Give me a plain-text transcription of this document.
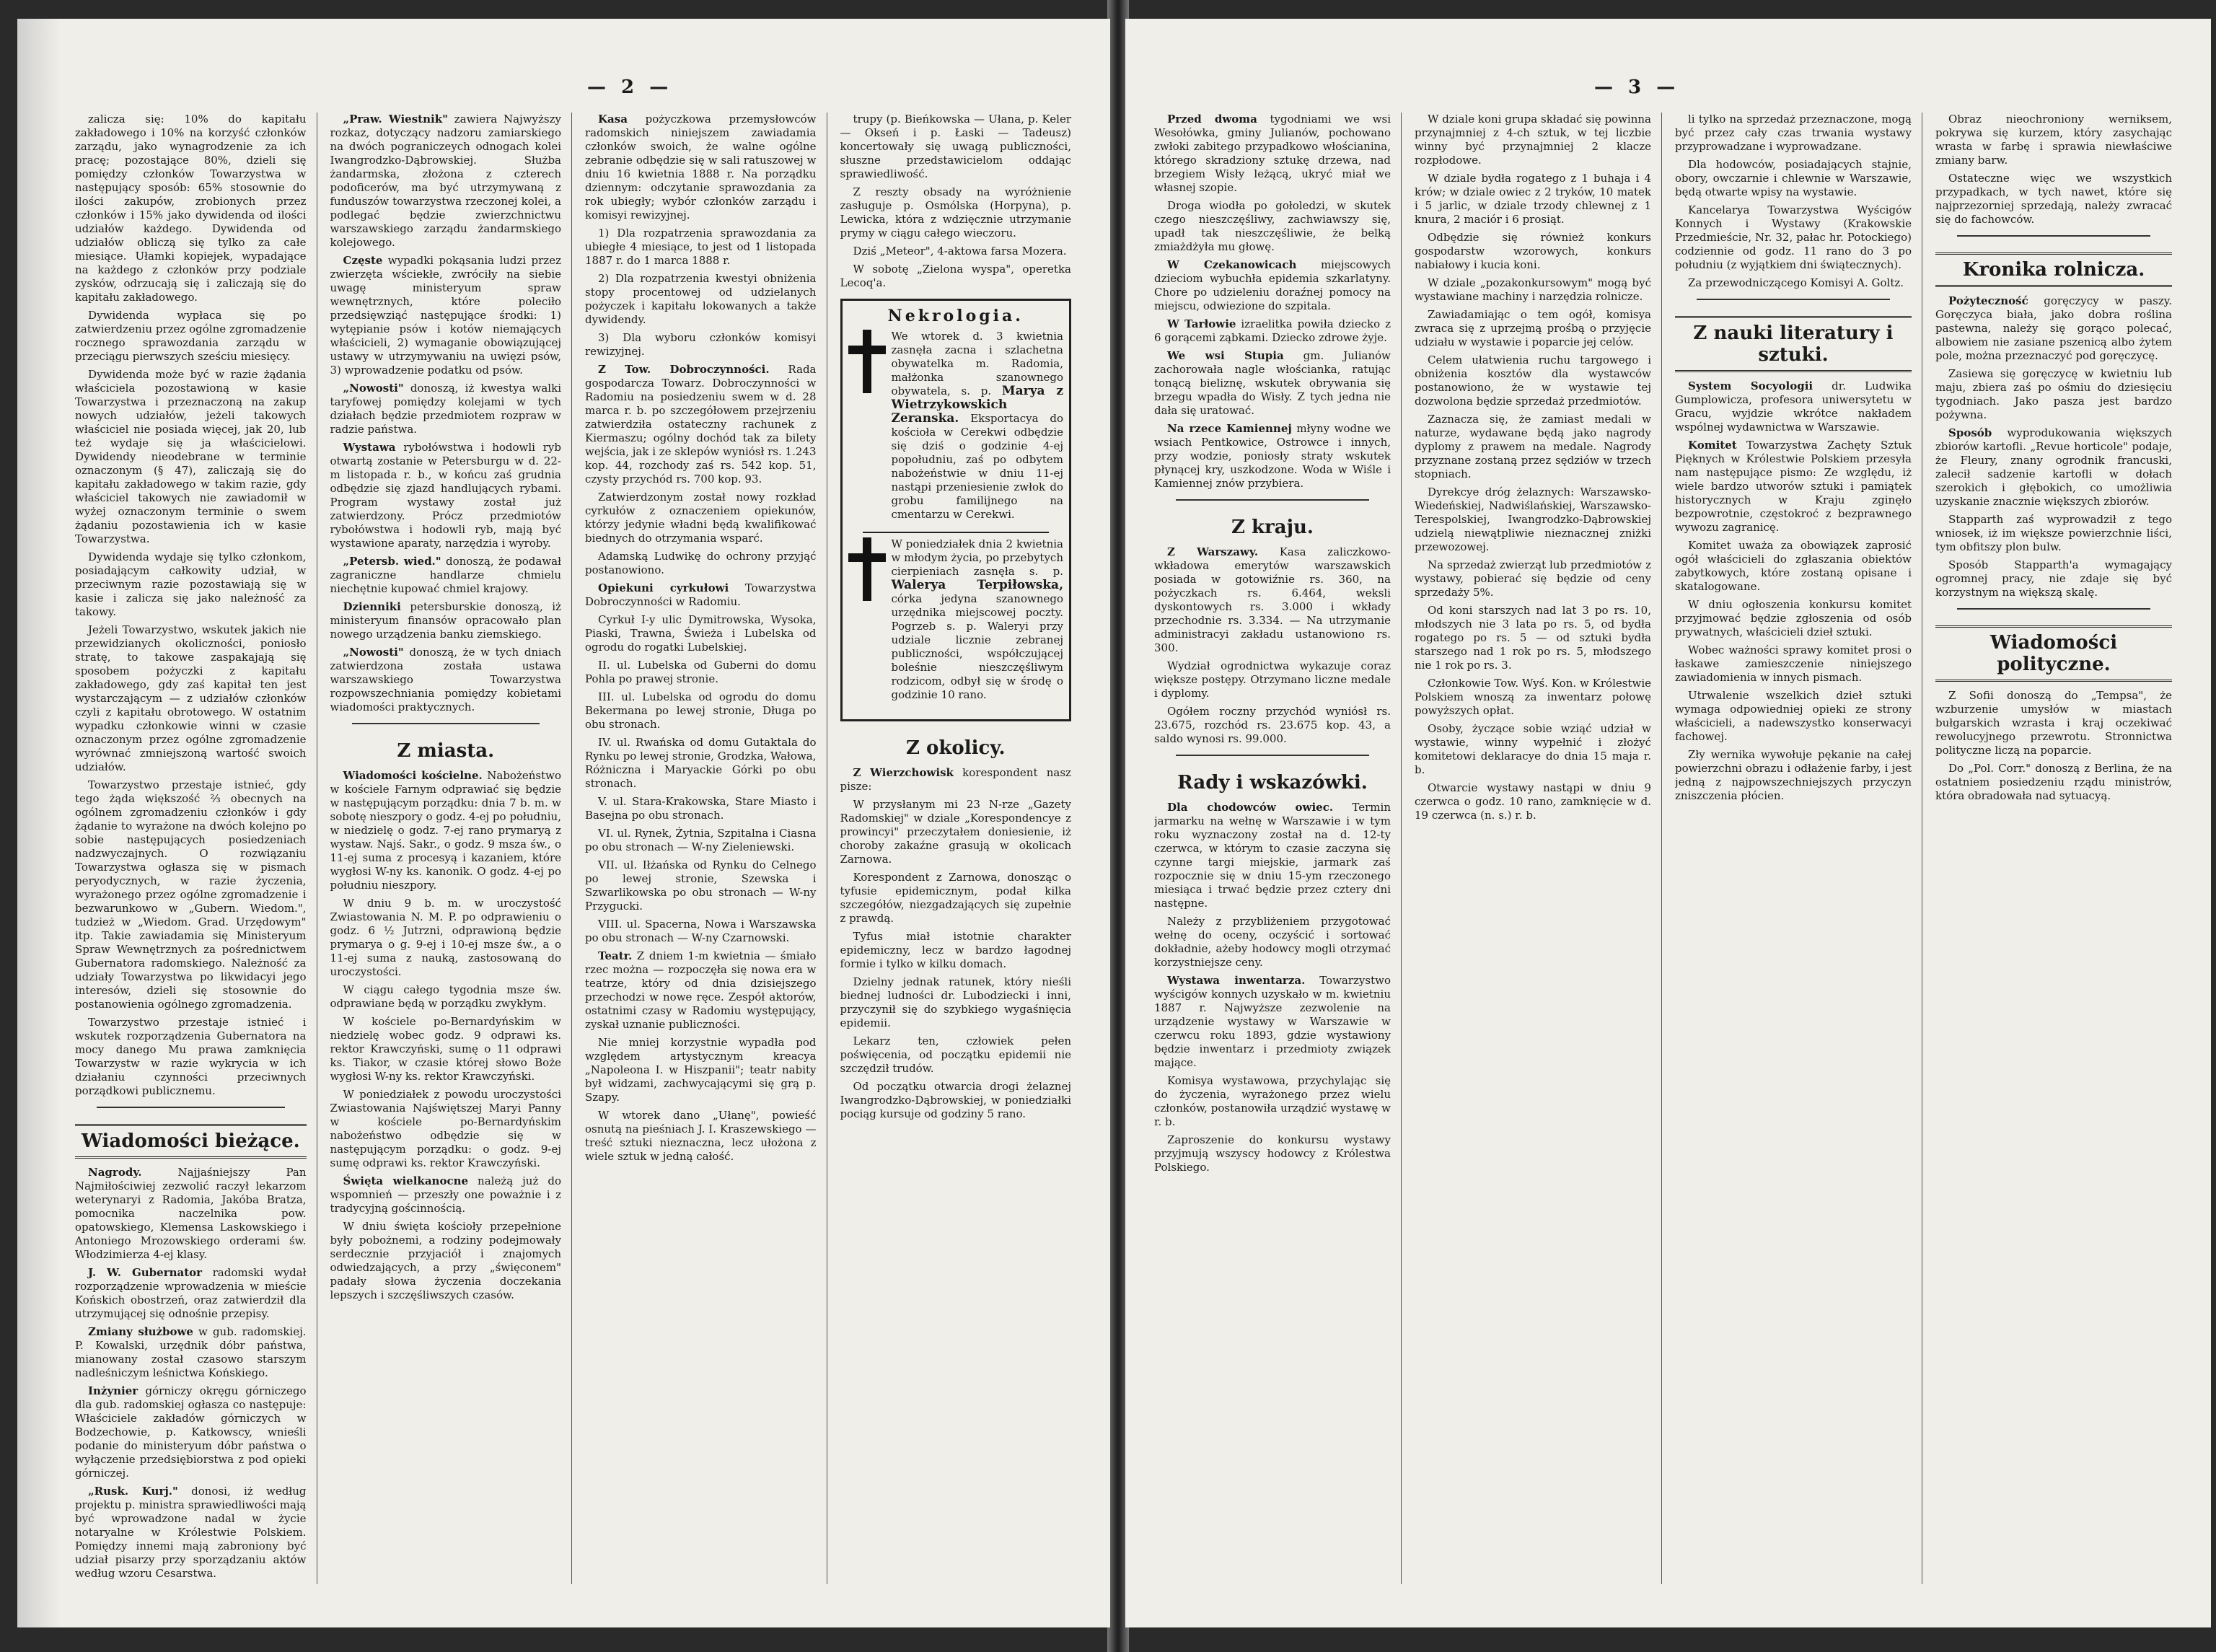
— 2 —

zalicza się: 10% do kapitału zakładowego i 10% na korzyść członków zarządu, jako wynagrodzenie za ich pracę; pozostające 80%, dzieli się pomiędzy członków Towarzystwa w następujący sposób: 65% stosownie do ilości zakupów, zrobionych przez członków i 15% jako dywidenda od ilości udziałów każdego. Dywidenda od udziałów obliczą się tylko za całe miesiące. Ułamki kopiejek, wypadające na każdego z członków przy podziale zysków, odrzucają się i zaliczają się do kapitału zakładowego.

Dywidenda wypłaca się po zatwierdzeniu przez ogólne zgromadzenie rocznego sprawozdania zarządu w przeciągu pierwszych sześciu miesięcy.

Dywidenda może być w razie żądania właściciela pozostawioną w kasie Towarzystwa i przeznaczoną na zakup nowych udziałów, jeżeli takowych właściciel nie posiada więcej, jak 20, lub też wydaje się ja właścicielowi. Dywidendy nieodebrane w terminie oznaczonym (§ 47), zaliczają się do kapitału zakładowego w takim razie, gdy właściciel takowych nie zawiadomił w wyżej oznaczonym terminie o swem żądaniu pozostawienia ich w kasie Towarzystwa.

Dywidenda wydaje się tylko członkom, posiadającym całkowity udział, w przeciwnym razie pozostawiają się w kasie i zalicza się jako należność za takowy.

Jeżeli Towarzystwo, wskutek jakich nie przewidzianych okoliczności, poniosło stratę, to takowe zaspakajają się sposobem pożyczki z kapitału zakładowego, gdy zaś kapitał ten jest wystarczającym — z udziałów członków czyli z kapitału obrotowego. W ostatnim wypadku członkowie winni w czasie oznaczonym przez ogólne zgromadzenie wyrównać zmniejszoną wartość swoich udziałów.

Towarzystwo przestaje istnieć, gdy tego żąda większość ⅔ obecnych na ogólnem zgromadzeniu członków i gdy żądanie to wyrażone na dwóch kolejno po sobie następujących posiedzeniach nadzwyczajnych. O rozwiązaniu Towarzystwa ogłasza się w pismach peryodycznych, w razie życzenia, wyrażonego przez ogólne zgromadzenie i bezwarunkowo w „Gubern. Wiedom.", tudzież w „Wiedom. Grad. Urzędowym" itp. Takie zawiadamia się Ministeryum Spraw Wewnętrznych za pośrednictwem Gubernatora radomskiego. Należność za udziały Towarzystwa po likwidacyi jego interesów, dzieli się stosownie do postanowienia ogólnego zgromadzenia.

Towarzystwo przestaje istnieć i wskutek rozporządzenia Gubernatora na mocy danego Mu prawa zamknięcia Towarzystw w razie wykrycia w ich działaniu czynności przeciwnych porządkowi publicznemu.

Wiadomości bieżące.

Nagrody.	Najjaśniejszy Pan Najmiłościwiej zezwolić raczył lekarzom weterynaryi z Radomia, Jakóba Bratza, pomocnika naczelnika pow. opatowskiego, Klemensa Laskowskiego i Antoniego Mrozowskiego orderami św. Włodzimierza 4-ej klasy.

J. W. Gubernator radomski wydał rozporządzenie wprowadzenia w mieście Końskich obostrzeń, oraz zatwierdził dla utrzymującej się odnośnie przepisy.

Zmiany służbowe w gub. radomskiej. P. Kowalski, urzędnik dóbr państwa, mianowany został czasowo starszym nadleśniczym leśnictwa Końskiego.

Inżynier górniczy okręgu górniczego dla gub. radomskiej ogłasza co następuje: Właściciele zakładów górniczych w Bodzechowie, p. Katkowscy, wnieśli podanie do ministeryum dóbr państwa o wyłączenie przedsiębiorstwa z pod opieki górniczej.

„Rusk. Kurj." donosi, iż według projektu p. ministra sprawiedliwości mają być wprowadzone nadal w życie notaryalne w Królestwie Polskiem. Pomiędzy innemi mają zabroniony być udział pisarzy przy sporządzaniu aktów według wzoru Cesarstwa.

„Praw. Wiestnik" zawiera Najwyższy rozkaz, dotyczący nadzoru zamiarskiego na dwóch pograniczeych odnogach kolei Iwangrodzko-Dąbrowskiej. Służba żandarmska, złożona z czterech podoficerów, ma być utrzymywaną z funduszów towarzystwa rzeczonej kolei, a podlegać będzie zwierzchnictwu warszawskiego zarządu żandarmskiego kolejowego.

Częste wypadki pokąsania ludzi przez zwierzęta wściekłe, zwróciły na siebie uwagę ministeryum spraw wewnętrznych, które poleciło przedsięwziąć następujące środki: 1) wytępianie psów i kotów niemających właścicieli, 2) wymaganie obowiązującej ustawy w utrzymywaniu na uwięzi psów, 3) wprowadzenie podatku od psów.

„Nowosti" donoszą, iż kwestya walki taryfowej pomiędzy kolejami w tych działach będzie przedmiotem rozpraw w radzie państwa.

Wystawa rybołówstwa i hodowli ryb otwartą zostanie w Petersburgu w d. 22-m listopada r. b., w końcu zaś grudnia odbędzie się zjazd handlujących rybami. Program wystawy został już zatwierdzony. Prócz przedmiotów rybołówstwa i hodowli ryb, mają być wystawione aparaty, narzędzia i wyroby.

„Petersb. wied." donoszą, że podawał zagraniczne handlarze chmielu niechętnie kupować chmiel krajowy.

Dzienniki petersburskie donoszą, iż ministeryum finansów opracowało plan nowego urządzenia banku ziemskiego.

„Nowosti" donoszą, że w tych dniach zatwierdzona została ustawa warszawskiego Towarzystwa rozpowszechniania pomiędzy kobietami wiadomości praktycznych.

Z miasta.

Wiadomości kościelne. Nabożeństwo w kościele Farnym odprawiać się będzie w następującym porządku: dnia 7 b. m. w sobotę nieszpory o godz. 4-ej po południu, w niedzielę o godz. 7-ej rano prymaryą z wystaw. Najś. Sakr., o godz. 9 msza św., o 11-ej suma z procesyą i kazaniem, które wygłosi W-ny ks. kanonik. O godz. 4-ej po południu nieszpory.

W dniu 9 b. m. w uroczystość Zwiastowania N. M. P. po odprawieniu o godz. 6 ½ Jutrzni, odprawioną będzie prymarya o g. 9-ej i 10-ej msze św., a o 11-ej suma z nauką, zastosowaną do uroczystości.

W ciągu całego tygodnia msze św. odprawiane będą w porządku zwykłym.

W kościele po-Bernardyńskim w niedzielę wobec godz. 9 odprawi ks. rektor Krawczyński, sumę o 11 odprawi ks. Tiakor, w czasie której słowo Boże wygłosi W-ny ks. rektor Krawczyński.

W poniedziałek z powodu uroczystości Zwiastowania Najświętszej Maryi Panny w kościele po-Bernardyńskim nabożeństwo odbędzie się w następującym porządku: o godz. 9-ej sumę odprawi ks. rektor Krawczyński.

Święta wielkanocne należą już do wspomnień — przeszły one poważnie i z tradycyjną gościnnością.

W dniu święta kościoły przepełnione były pobożnemi, a rodziny podejmowały serdecznie przyjaciół i znajomych odwiedzających, a przy „święconem" padały słowa życzenia doczekania lepszych i szczęśliwszych czasów.

Kasa pożyczkowa przemysłowców radomskich niniejszem zawiadamia członków swoich, że walne ogólne zebranie odbędzie się w sali ratuszowej w dniu 16 kwietnia 1888 r. Na porządku dziennym: odczytanie sprawozdania za rok ubiegły; wybór członków zarządu i komisyi rewizyjnej.

1) Dla rozpatrzenia sprawozdania za ubiegłe 4 miesiące, to jest od 1 listopada 1887 r. do 1 marca 1888 r.

2) Dla rozpatrzenia kwestyi obniżenia stopy procentowej od udzielanych pożyczek i kapitału lokowanych a także dywidendy.

3) Dla wyboru członków komisyi rewizyjnej.

Z Tow. Dobroczynności. Rada gospodarcza Towarz. Dobroczynności w Radomiu na posiedzeniu swem w d. 28 marca r. b. po szczegółowem przejrzeniu zatwierdziła ostateczny rachunek z Kiermaszu; ogólny dochód tak za bilety wejścia, jak i ze sklepów wyniósł rs. 1.243 kop. 44, rozchody zaś rs. 542 kop. 51, czysty przychód rs. 700 kop. 93.

Zatwierdzonym został nowy rozkład cyrkułów z oznaczeniem opiekunów, którzy jedynie władni będą kwalifikować biednych do otrzymania wsparć.

Adamską Ludwikę do ochrony przyjąć postanowiono.

Opiekuni cyrkułowi Towarzystwa Dobroczynności w Radomiu.

Cyrkuł I-y ulic Dymitrowska, Wysoka, Piaski, Trawna, Świeża i Lubelska od ogrodu do rogatki Lubelskiej.

II. ul. Lubelska od Guberni do domu Pohla po prawej stronie.

III. ul. Lubelska od ogrodu do domu Bekermana po lewej stronie, Długa po obu stronach.

IV. ul. Rwańska od domu Gutaktala do Rynku po lewej stronie, Grodzka, Wałowa, Różniczna i Maryackie Górki po obu stronach.

V. ul. Stara-Krakowska, Stare Miasto i Basejna po obu stronach.

VI. ul. Rynek, Żytnia, Szpitalna i Ciasna po obu stronach — W-ny Zieleniewski.

VII. ul. Iłżańska od Rynku do Celnego po lewej stronie, Szewska i Szwarlikowska po obu stronach — W-ny Przygucki.

VIII. ul. Spacerna, Nowa i Warszawska po obu stronach — W-ny Czarnowski.

Teatr. Z dniem 1-m kwietnia — śmiało rzec można — rozpoczęła się nowa era w teatrze, który od dnia dzisiejszego przechodzi w nowe ręce. Zespół aktorów, ostatnimi czasy w Radomiu występujący, zyskał uznanie publiczności.

Nie mniej korzystnie wypadła pod względem artystycznym kreacya „Napoleona I. w Hiszpanii"; teatr nabity był widzami, zachwycającymi się grą p. Szapy.

W wtorek dano „Ułanę", powieść osnutą na pieśniach J. I. Kraszewskiego — treść sztuki nieznaczna, lecz ułożona z wiele sztuk w jedną całość.

trupy (p. Bieńkowska — Ułana, p. Keler — Okseń i p. Łaski — Tadeusz) koncertowały się uwagą publiczności, słuszne przedstawicielom oddając sprawiedliwość.

Z reszty obsady na wyróżnienie zasługuje p. Osmólska (Horpyna), p. Lewicka, która z wdzięcznie utrzymanie prymy w ciągu całego wieczoru.

Dziś „Meteor", 4-aktowa farsa Mozera.

W sobotę „Zielona wyspa", operetka Lecoq'a.

Nekrologia.

We wtorek d. 3 kwietnia zasnęła zacna i szlachetna obywatelka m. Radomia, małżonka szanownego obywatela, s. p. Marya z Wietrzykowskich Zeranska. Eksportacya do kościoła w Cerekwi odbędzie się dziś o godzinie 4-ej popołudniu, zaś po odbytem nabożeństwie w dniu 11-ej nastąpi przeniesienie zwłok do grobu familijnego na cmentarzu w Cerekwi.

W poniedziałek dnia 2 kwietnia w młodym życia, po przebytych cierpieniach zasnęła s. p. Walerya Terpiłowska, córka jedyna szanownego urzędnika miejscowej poczty. Pogrzeb s. p. Waleryi przy udziale licznie zebranej publiczności, współczującej boleśnie nieszczęśliwym rodzicom, odbył się w środę o godzinie 10 rano.

Z okolicy.

Z Wierzchowisk korespondent nasz pisze:

W przysłanym mi 23 N-rze „Gazety Radomskiej" w dziale „Korespondencye z prowincyi" przeczytałem doniesienie, iż choroby zakaźne grasują w okolicach Zarnowa.

Korespondent z Zarnowa, donosząc o tyfusie epidemicznym, podał kilka szczegółów, niezgadzających się zupełnie z prawdą.

Tyfus miał istotnie charakter epidemiczny, lecz w bardzo łagodnej formie i tylko w kilku domach.

Dzielny jednak ratunek, który nieśli biednej ludności dr. Lubodziecki i inni, przyczynił się do szybkiego wygaśnięcia epidemii.

Lekarz ten, człowiek pełen poświęcenia, od początku epidemii nie szczędził trudów.

Od początku otwarcia drogi żelaznej Iwangrodzko-Dąbrowskiej, w poniedziałki pociąg kursuje od godziny 5 rano.

— 3 —

Przed dwoma tygodniami we wsi Wesołówka, gminy Julianów, pochowano zwłoki zabitego przypadkowo włościanina, którego skradziony sztukę drzewa, nad brzegiem Wisły leżącą, ukryć miał we własnej szopie.

Droga wiodła po gołoledzi, w skutek czego nieszczęśliwy, zachwiawszy się, upadł tak nieszczęśliwie, że belką zmiażdżyła mu głowę.

W Czekanowicach miejscowych dzieciom wybuchła epidemia szkarlatyny. Chore po udzieleniu doraźnej pomocy na miejscu, odwiezione do szpitala.

W Tarłowie izraelitka powiła dziecko z 6 gorącemi ząbkami. Dziecko zdrowe żyje.

We wsi Stupia gm. Julianów zachorowała nagle włościanka, ratując tonącą bieliznę, wskutek obrywania się brzegu wpadła do Wisły. Z tych jedna nie dała się uratować.

Na rzece Kamiennej młyny wodne we wsiach Pentkowice, Ostrowce i innych, przy wodzie, poniosły straty wskutek płynącej kry, uszkodzone. Woda w Wiśle i Kamiennej znów przybiera.

Z kraju.

Z Warszawy. Kasa zaliczkowo-wkładowa emerytów warszawskich posiada w gotowiźnie rs. 360, na pożyczkach rs. 6.464, weksli dyskontowych rs. 3.000 i wkłady przechodnie rs. 3.334. — Na utrzymanie administracyi zakładu ustanowiono rs. 300.

Wydział ogrodnictwa wykazuje coraz większe postępy. Otrzymano liczne medale i dyplomy.

Ogółem roczny przychód wyniósł rs. 23.675, rozchód rs. 23.675 kop. 43, a saldo wynosi rs. 99.000.

Rady i wskazówki.

Dla chodowców owiec. Termin jarmarku na wełnę w Warszawie i w tym roku wyznaczony został na d. 12-ty czerwca, w którym to czasie zaczyna się czynne targi miejskie, jarmark zaś rozpocznie się w dniu 15-ym rzeczonego miesiąca i trwać będzie przez cztery dni następne.

Należy z przybliżeniem przygotować wełnę do oceny, oczyścić i sortować dokładnie, ażeby hodowcy mogli otrzymać korzystniejsze ceny.

Wystawa inwentarza. Towarzystwo wyścigów konnych uzyskało w m. kwietniu 1887 r. Najwyższe zezwolenie na urządzenie wystawy w Warszawie w czerwcu roku 1893, gdzie wystawiony będzie inwentarz i przedmioty związek mające.

Komisya wystawowa, przychylając się do życzenia, wyrażonego przez wielu członków, postanowiła urządzić wystawę w r. b.

Zaproszenie do konkursu wystawy przyjmują wszyscy hodowcy z Królestwa Polskiego.

W dziale koni grupa składać się powinna przynajmniej z 4-ch sztuk, w tej liczbie winny być przynajmniej 2 klacze rozpłodowe.

W dziale bydła rogatego z 1 buhaja i 4 krów; w dziale owiec z 2 tryków, 10 matek i 5 jarlic, w dziale trzody chlewnej z 1 knura, 2 maciór i 6 prosiąt.

Odbędzie się również konkurs gospodarstw wzorowych, konkurs nabiałowy i kucia koni.

W dziale „pozakonkursowym" mogą być wystawiane machiny i narzędzia rolnicze.

Zawiadamiając o tem ogół, komisya zwraca się z uprzejmą prośbą o przyjęcie udziału w wystawie i poparcie jej celów.

Celem ułatwienia ruchu targowego i obniżenia kosztów dla wystawców postanowiono, że w wystawie tej dozwolona będzie sprzedaż przedmiotów.

Zaznacza się, że zamiast medali w naturze, wydawane będą jako nagrody dyplomy z prawem na medale. Nagrody przyznane zostaną przez sędziów w trzech stopniach.

Dyrekcye dróg żelaznych: Warszawsko-Wiedeńskiej, Nadwiślańskiej, Warszawsko-Terespolskiej, Iwangrodzko-Dąbrowskiej udzielą niewątpliwie nieznacznej zniżki przewozowej.

Na sprzedaż zwierząt lub przedmiotów z wystawy, pobierać się będzie od ceny sprzedaży 5%.

Od koni starszych nad lat 3 po rs. 10, młodszych nie 3 lata po rs. 5, od bydła rogatego po rs. 5 — od sztuki bydła starszego nad 1 rok po rs. 5, młodszego nie 1 rok po rs. 3.

Członkowie Tow. Wyś. Kon. w Królestwie Polskiem wnoszą za inwentarz połowę powyższych opłat.

Osoby, życzące sobie wziąć udział w wystawie, winny wypełnić i złożyć komitetowi deklaracye do dnia 15 maja r. b.

Otwarcie wystawy nastąpi w dniu 9 czerwca o godz. 10 rano, zamknięcie w d. 19 czerwca (n. s.) r. b.

li tylko na sprzedaż przeznaczone, mogą być przez cały czas trwania wystawy przyprowadzane i wyprowadzane.

Dla hodowców, posiadających stajnie, obory, owczarnie i chlewnie w Warszawie, będą otwarte wpisy na wystawie.

Kancelarya Towarzystwa Wyścigów Konnych i Wystawy (Krakowskie Przedmieście, Nr. 32, pałac hr. Potockiego) codziennie od godz. 11 rano do 3 po południu (z wyjątkiem dni świątecznych).

Za przewodniczącego Komisyi A. Goltz.

Z nauki literatury i sztuki.

System Socyologii dr. Ludwika Gumplowicza, profesora uniwersytetu w Gracu, wyjdzie wkrótce nakładem wspólnej wydawnictwa w Warszawie.

Komitet Towarzystwa Zachęty Sztuk Pięknych w Królestwie Polskiem przesyła nam następujące pismo: Ze względu, iż wiele bardzo utworów sztuki i pamiątek historycznych w Kraju zginęło bezpowrotnie, częstokroć z bezprawnego wywozu zagranicę.

Komitet uważa za obowiązek zaprosić ogół właścicieli do zgłaszania obiektów zabytkowych, które zostaną opisane i skatalogowane.

W dniu ogłoszenia konkursu komitet przyjmować będzie zgłoszenia od osób prywatnych, właścicieli dzieł sztuki.

Wobec ważności sprawy komitet prosi o łaskawe zamieszczenie niniejszego zawiadomienia w innych pismach.

Utrwalenie wszelkich dzieł sztuki wymaga odpowiedniej opieki ze strony właścicieli, a nadewszystko konserwacyi fachowej.

Zły wernika wywołuje pękanie na całej powierzchni obrazu i odłażenie farby, i jest jedną z najpowszechniejszych przyczyn zniszczenia płócien.

Obraz nieochroniony werniksem, pokrywa się kurzem, który zasychając wrasta w farbę i sprawia niewłaściwe zmiany barw.

Ostateczne więc we wszystkich przypadkach, w tych nawet, które się najprzezorniej sprzedają, należy zwracać się do fachowców.

Kronika rolnicza.

Pożyteczność goręczycy w paszy. Goręczyca biała, jako dobra roślina pastewna, należy się gorąco polecać, albowiem nie zasiane pszenicą albo żytem pole, można przeznaczyć pod goręczycę.

Zasiewa się goręczycę w kwietniu lub maju, zbiera zaś po ośmiu do dziesięciu tygodniach. Jako pasza jest bardzo pożywna.

Sposób wyprodukowania większych zbiorów kartofli. „Revue horticole" podaje, że Fleury, znany ogrodnik francuski, zalecił sadzenie kartofli w dołach szerokich i głębokich, co umożliwia uzyskanie znacznie większych zbiorów.

Stapparth zaś wyprowadził z tego wniosek, iż im większe powierzchnie liści, tym obfitszy plon bulw.

Sposób Stapparth'a wymagający ogromnej pracy, nie zdaje się być korzystnym na większą skalę.

Wiadomości polityczne.

Z Sofii donoszą do „Tempsa", że wzburzenie umysłów w miastach bułgarskich wzrasta i kraj oczekiwać rewolucyjnego przewrotu. Stronnictwa polityczne liczą na poparcie.

Do „Pol. Corr." donoszą z Berlina, że na ostatniem posiedzeniu rządu ministrów, która obradowała nad sytuacyą.
